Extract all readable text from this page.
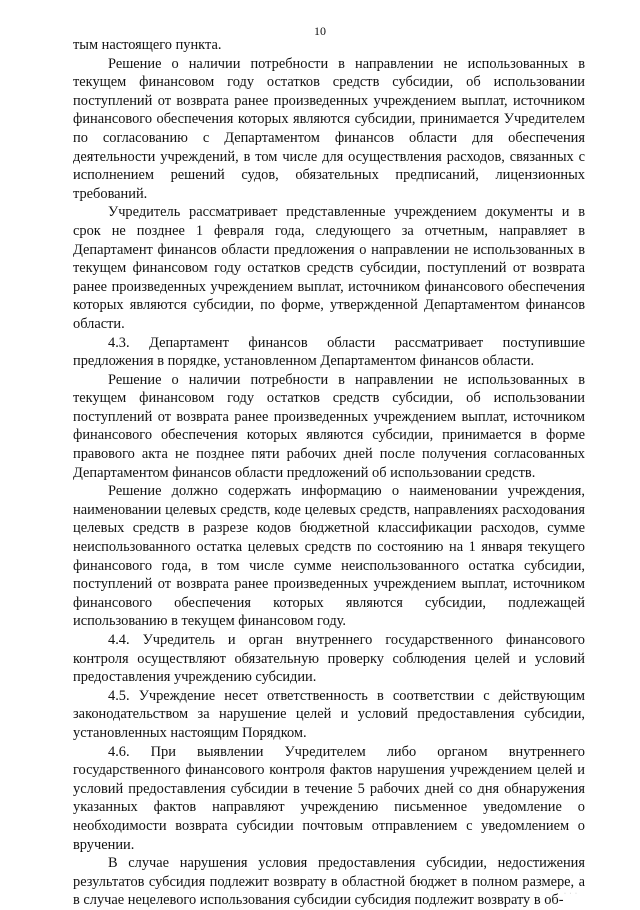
10

тым настоящего пункта.

Решение о наличии потребности в направлении не использованных в текущем финансовом году остатков средств субсидии, об использовании поступлений от возврата ранее произведенных учреждением выплат, источником финансового обеспечения которых являются субсидии, принимается Учредителем по согласованию с Департаментом финансов области для обеспечения деятельности учреждений, в том числе для осуществления расходов, связанных с исполнением решений судов, обязательных предписаний, лицензионных требований.

Учредитель рассматривает представленные учреждением документы и в срок не позднее 1 февраля года, следующего за отчетным, направляет в Департамент финансов области предложения о направлении не использованных в текущем финансовом году остатков средств субсидии, поступлений от возврата ранее произведенных учреждением выплат, источником финансового обеспечения которых являются субсидии, по форме, утвержденной Департаментом финансов области.

4.3. Департамент финансов области рассматривает поступившие предложения в порядке, установленном Департаментом финансов области.

Решение о наличии потребности в направлении не использованных в текущем финансовом году остатков средств субсидии, об использовании поступлений от возврата ранее произведенных учреждением выплат, источником финансового обеспечения которых являются субсидии, принимается в форме правового акта не позднее пяти рабочих дней после получения согласованных Департаментом финансов области предложений об использовании средств.

Решение должно содержать информацию о наименовании учреждения, наименовании целевых средств, коде целевых средств, направлениях расходования целевых средств в разрезе кодов бюджетной классификации расходов, сумме неиспользованного остатка целевых средств по состоянию на 1 января текущего финансового года, в том числе сумме неиспользованного остатка субсидии, поступлений от возврата ранее произведенных учреждением выплат, источником финансового обеспечения которых являются субсидии, подлежащей использованию в текущем финансовом году.

4.4. Учредитель и орган внутреннего государственного финансового контроля осуществляют обязательную проверку соблюдения целей и условий предоставления учреждению субсидии.

4.5. Учреждение несет ответственность в соответствии с действующим законодательством за нарушение целей и условий предоставления субсидии, установленных настоящим Порядком.

4.6. При выявлении Учредителем либо органом внутреннего государственного финансового контроля фактов нарушения учреждением целей и условий предоставления субсидии в течение 5 рабочих дней со дня обнаружения указанных фактов направляют учреждению письменное уведомление о необходимости возврата субсидии почтовым отправлением с уведомлением о вручении.

В случае нарушения условия предоставления субсидии, недостижения результатов субсидия подлежит возврату в областной бюджет в полном размере, а в случае нецелевого использования субсидии субсидия подлежит возврату в об- · · ·
